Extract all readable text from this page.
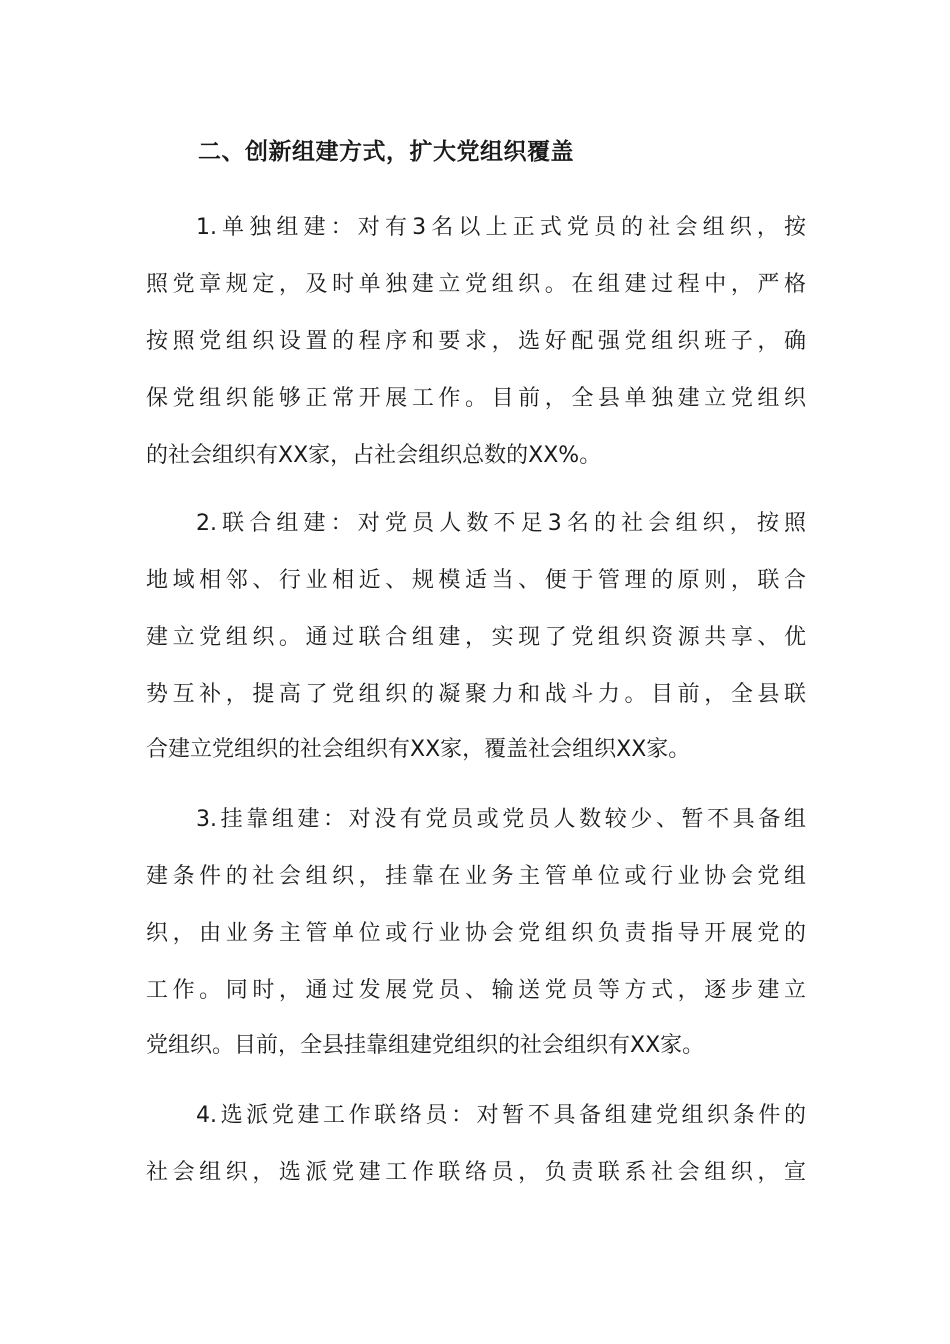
二、创新组建方式，扩大党组织覆盖
1.单独组建：对有3名以上正式党员的社会组织，按
照党章规定，及时单独建立党组织。在组建过程中，严格
按照党组织设置的程序和要求，选好配强党组织班子，确
保党组织能够正常开展工作。目前，全县单独建立党组织
的社会组织有XX家，占社会组织总数的XX%。
2.联合组建：对党员人数不足3名的社会组织，按照
地域相邻、行业相近、规模适当、便于管理的原则，联合
建立党组织。通过联合组建，实现了党组织资源共享、优
势互补，提高了党组织的凝聚力和战斗力。目前，全县联
合建立党组织的社会组织有XX家，覆盖社会组织XX家。
3.挂靠组建：对没有党员或党员人数较少、暂不具备组
建条件的社会组织，挂靠在业务主管单位或行业协会党组
织，由业务主管单位或行业协会党组织负责指导开展党的
工作。同时，通过发展党员、输送党员等方式，逐步建立
党组织。目前，全县挂靠组建党组织的社会组织有XX家。
4.选派党建工作联络员：对暂不具备组建党组织条件的
社会组织，选派党建工作联络员，负责联系社会组织，宣
